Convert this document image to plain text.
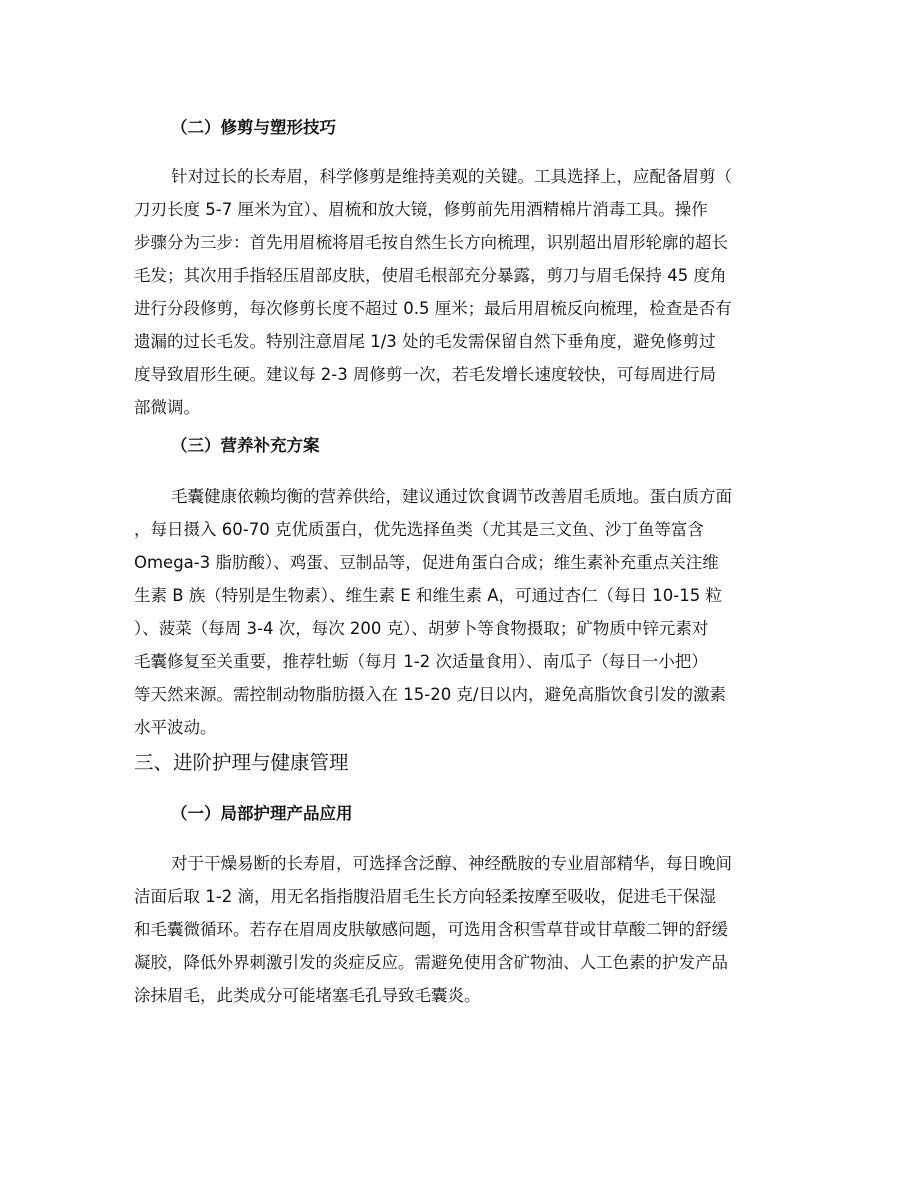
（二）修剪与塑形技巧
针对过长的长寿眉，科学修剪是维持美观的关键。工具选择上，应配备眉剪（
刀刃长度 5-7 厘米为宜）、眉梳和放大镜，修剪前先用酒精棉片消毒工具。操作
步骤分为三步：首先用眉梳将眉毛按自然生长方向梳理，识别超出眉形轮廓的超长
毛发；其次用手指轻压眉部皮肤，使眉毛根部充分暴露，剪刀与眉毛保持 45 度角
进行分段修剪，每次修剪长度不超过 0.5 厘米；最后用眉梳反向梳理，检查是否有
遗漏的过长毛发。特别注意眉尾 1/3 处的毛发需保留自然下垂角度，避免修剪过
度导致眉形生硬。建议每 2-3 周修剪一次，若毛发增长速度较快，可每周进行局
部微调。
（三）营养补充方案
毛囊健康依赖均衡的营养供给，建议通过饮食调节改善眉毛质地。蛋白质方面
，每日摄入 60-70 克优质蛋白，优先选择鱼类（尤其是三文鱼、沙丁鱼等富含
Omega-3 脂肪酸）、鸡蛋、豆制品等，促进角蛋白合成；维生素补充重点关注维
生素 B 族（特别是生物素）、维生素 E 和维生素 A，可通过杏仁（每日 10-15 粒
）、菠菜（每周 3-4 次，每次 200 克）、胡萝卜等食物摄取；矿物质中锌元素对
毛囊修复至关重要，推荐牡蛎（每月 1-2 次适量食用）、南瓜子（每日一小把）
等天然来源。需控制动物脂肪摄入在 15-20 克/日以内，避免高脂饮食引发的激素
水平波动。
三、进阶护理与健康管理
（一）局部护理产品应用
对于干燥易断的长寿眉，可选择含泛醇、神经酰胺的专业眉部精华，每日晚间
洁面后取 1-2 滴，用无名指指腹沿眉毛生长方向轻柔按摩至吸收，促进毛干保湿
和毛囊微循环。若存在眉周皮肤敏感问题，可选用含积雪草苷或甘草酸二钾的舒缓
凝胶，降低外界刺激引发的炎症反应。需避免使用含矿物油、人工色素的护发产品
涂抹眉毛，此类成分可能堵塞毛孔导致毛囊炎。
